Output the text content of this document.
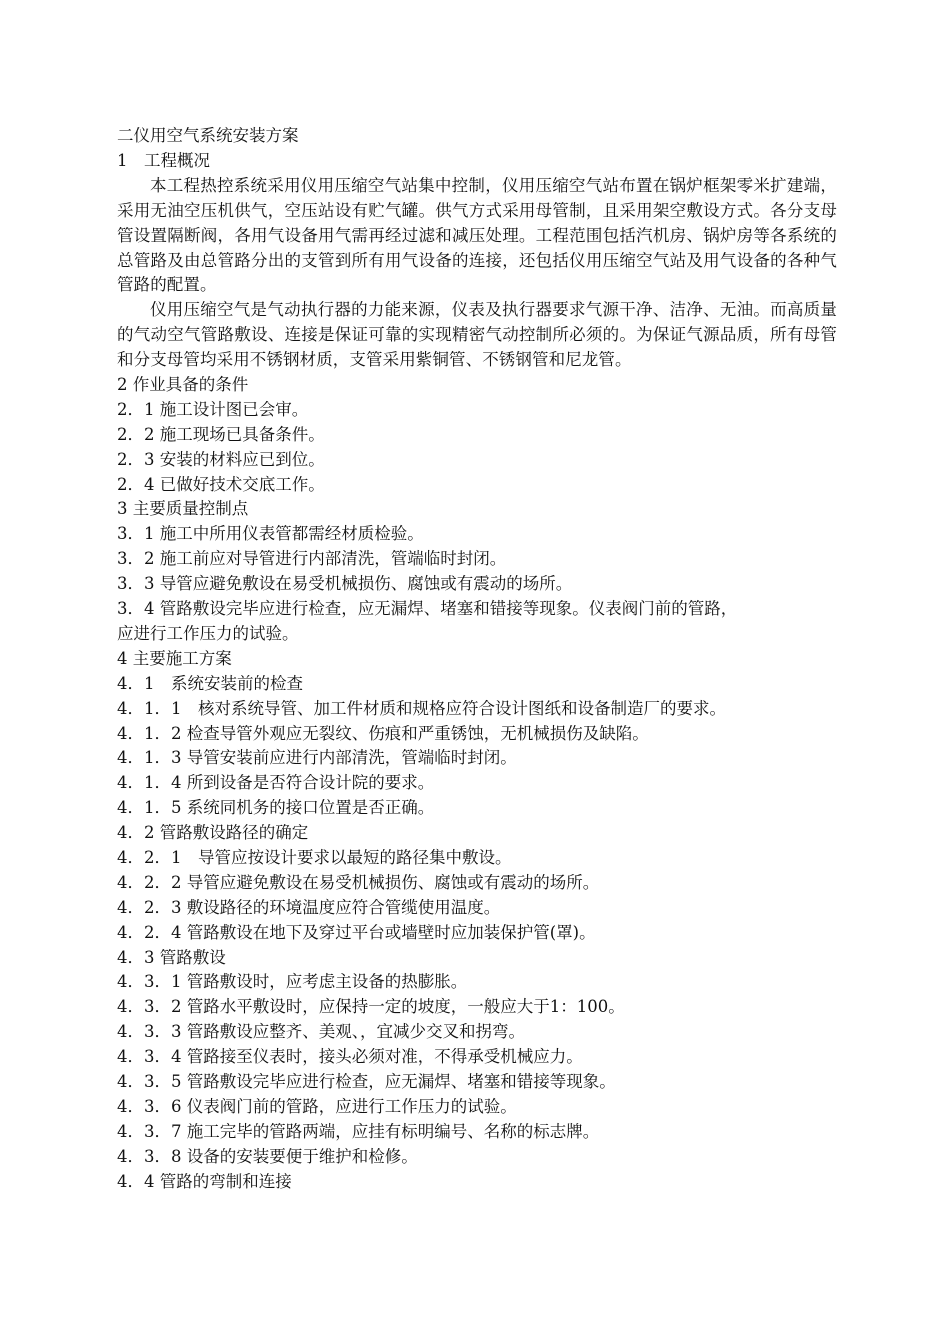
二仪用空气系统安装方案
1　工程概况
本工程热控系统采用仪用压缩空气站集中控制，仪用压缩空气站布置在锅炉框架零米扩建端，采用无油空压机供气，空压站设有贮气罐。供气方式采用母管制，且采用架空敷设方式。各分支母管设置隔断阀，各用气设备用气需再经过滤和减压处理。工程范围包括汽机房、锅炉房等各系统的总管路及由总管路分出的支管到所有用气设备的连接，还包括仪用压缩空气站及用气设备的各种气管路的配置。
仪用压缩空气是气动执行器的力能来源，仪表及执行器要求气源干净、洁净、无油。而高质量的气动空气管路敷设、连接是保证可靠的实现精密气动控制所必须的。为保证气源品质，所有母管和分支母管均采用不锈钢材质，支管采用紫铜管、不锈钢管和尼龙管。
2 作业具备的条件
2．1 施工设计图已会审。
2．2 施工现场已具备条件。
2．3 安装的材料应已到位。
2．4 已做好技术交底工作。
3 主要质量控制点
3．1 施工中所用仪表管都需经材质检验。
3．2 施工前应对导管进行内部清洗，管端临时封闭。
3．3 导管应避免敷设在易受机械损伤、腐蚀或有震动的场所。
3．4 管路敷设完毕应进行检查，应无漏焊、堵塞和错接等现象。仪表阀门前的管路，
应进行工作压力的试验。
4 主要施工方案
4．1　系统安装前的检查
4．1．1　核对系统导管、加工件材质和规格应符合设计图纸和设备制造厂的要求。
4．1．2 检查导管外观应无裂纹、伤痕和严重锈蚀，无机械损伤及缺陷。
4．1．3 导管安装前应进行内部清洗，管端临时封闭。
4．1．4 所到设备是否符合设计院的要求。
4．1．5 系统同机务的接口位置是否正确。
4．2 管路敷设路径的确定
4．2．1　导管应按设计要求以最短的路径集中敷设。
4．2．2 导管应避免敷设在易受机械损伤、腐蚀或有震动的场所。
4．2．3 敷设路径的环境温度应符合管缆使用温度。
4．2．4 管路敷设在地下及穿过平台或墙壁时应加装保护管(罩)。
4．3 管路敷设
4．3．1 管路敷设时，应考虑主设备的热膨胀。
4．3．2 管路水平敷设时，应保持一定的坡度，一般应大于1：100。
4．3．3 管路敷设应整齐、美观、，宜减少交叉和拐弯。
4．3．4 管路接至仪表时，接头必须对准，不得承受机械应力。
4．3．5 管路敷设完毕应进行检查，应无漏焊、堵塞和错接等现象。
4．3．6 仪表阀门前的管路，应进行工作压力的试验。
4．3．7 施工完毕的管路两端，应挂有标明编号、名称的标志牌。
4．3．8 设备的安装要便于维护和检修。
4．4 管路的弯制和连接
